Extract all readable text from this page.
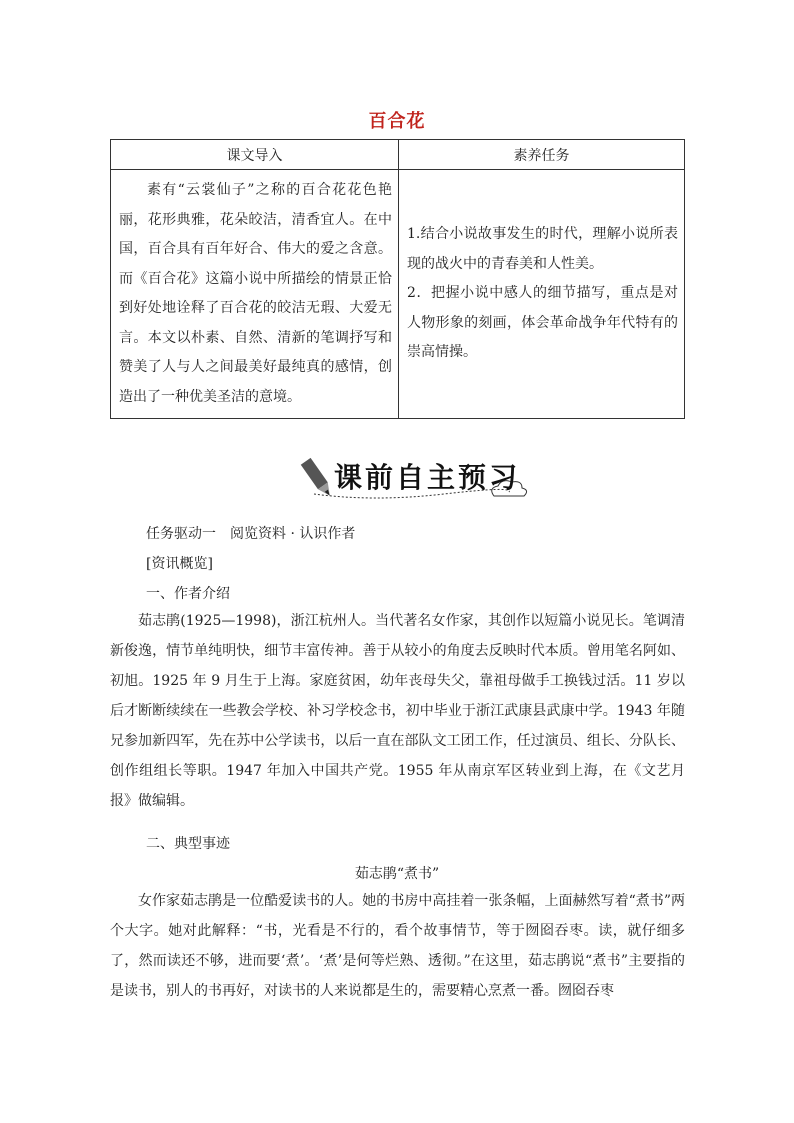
百合花
课文导入	素养任务
素有“云裳仙子”之称的百合花花色艳丽，花形典雅，花朵皎洁，清香宜人。在中国，百合具有百年好合、伟大的爱之含意。而《百合花》这篇小说中所描绘的情景正恰到好处地诠释了百合花的皎洁无瑕、大爱无言。本文以朴素、自然、清新的笔调抒写和赞美了人与人之间最美好最纯真的感情，创造出了一种优美圣洁的意境。	1.结合小说故事发生的时代，理解小说所表现的战火中的青春美和人性美。

2．把握小说中感人的细节描写，重点是对人物形象的刻画，体会革命战争年代特有的崇高情操。

课前自主预习
任务驱动一　阅览资料 · 认识作者
[资讯概览]
一、作者介绍

茹志鹃(1925—1998)，浙江杭州人。当代著名女作家，其创作以短篇小说见长。笔调清新俊逸，情节单纯明快，细节丰富传神。善于从较小的角度去反映时代本质。曾用笔名阿如、初旭。1925 年 9 月生于上海。家庭贫困，幼年丧母失父，靠祖母做手工换钱过活。11 岁以后才断断续续在一些教会学校、补习学校念书，初中毕业于浙江武康县武康中学。1943 年随兄参加新四军，先在苏中公学读书，以后一直在部队文工团工作，任过演员、组长、分队长、创作组组长等职。1947 年加入中国共产党。1955 年从南京军区转业到上海，在《文艺月报》做编辑。

二、典型事迹
茹志鹃“煮书”

女作家茹志鹃是一位酷爱读书的人。她的书房中高挂着一张条幅，上面赫然写着“煮书”两个大字。她对此解释：“书，光看是不行的，看个故事情节，等于囫囵吞枣。读，就仔细多了，然而读还不够，进而要‘煮’。‘煮’是何等烂熟、透彻。”在这里，茹志鹃说“煮书”主要指的是读书，别人的书再好，对读书的人来说都是生的，需要精心烹煮一番。囫囵吞枣
